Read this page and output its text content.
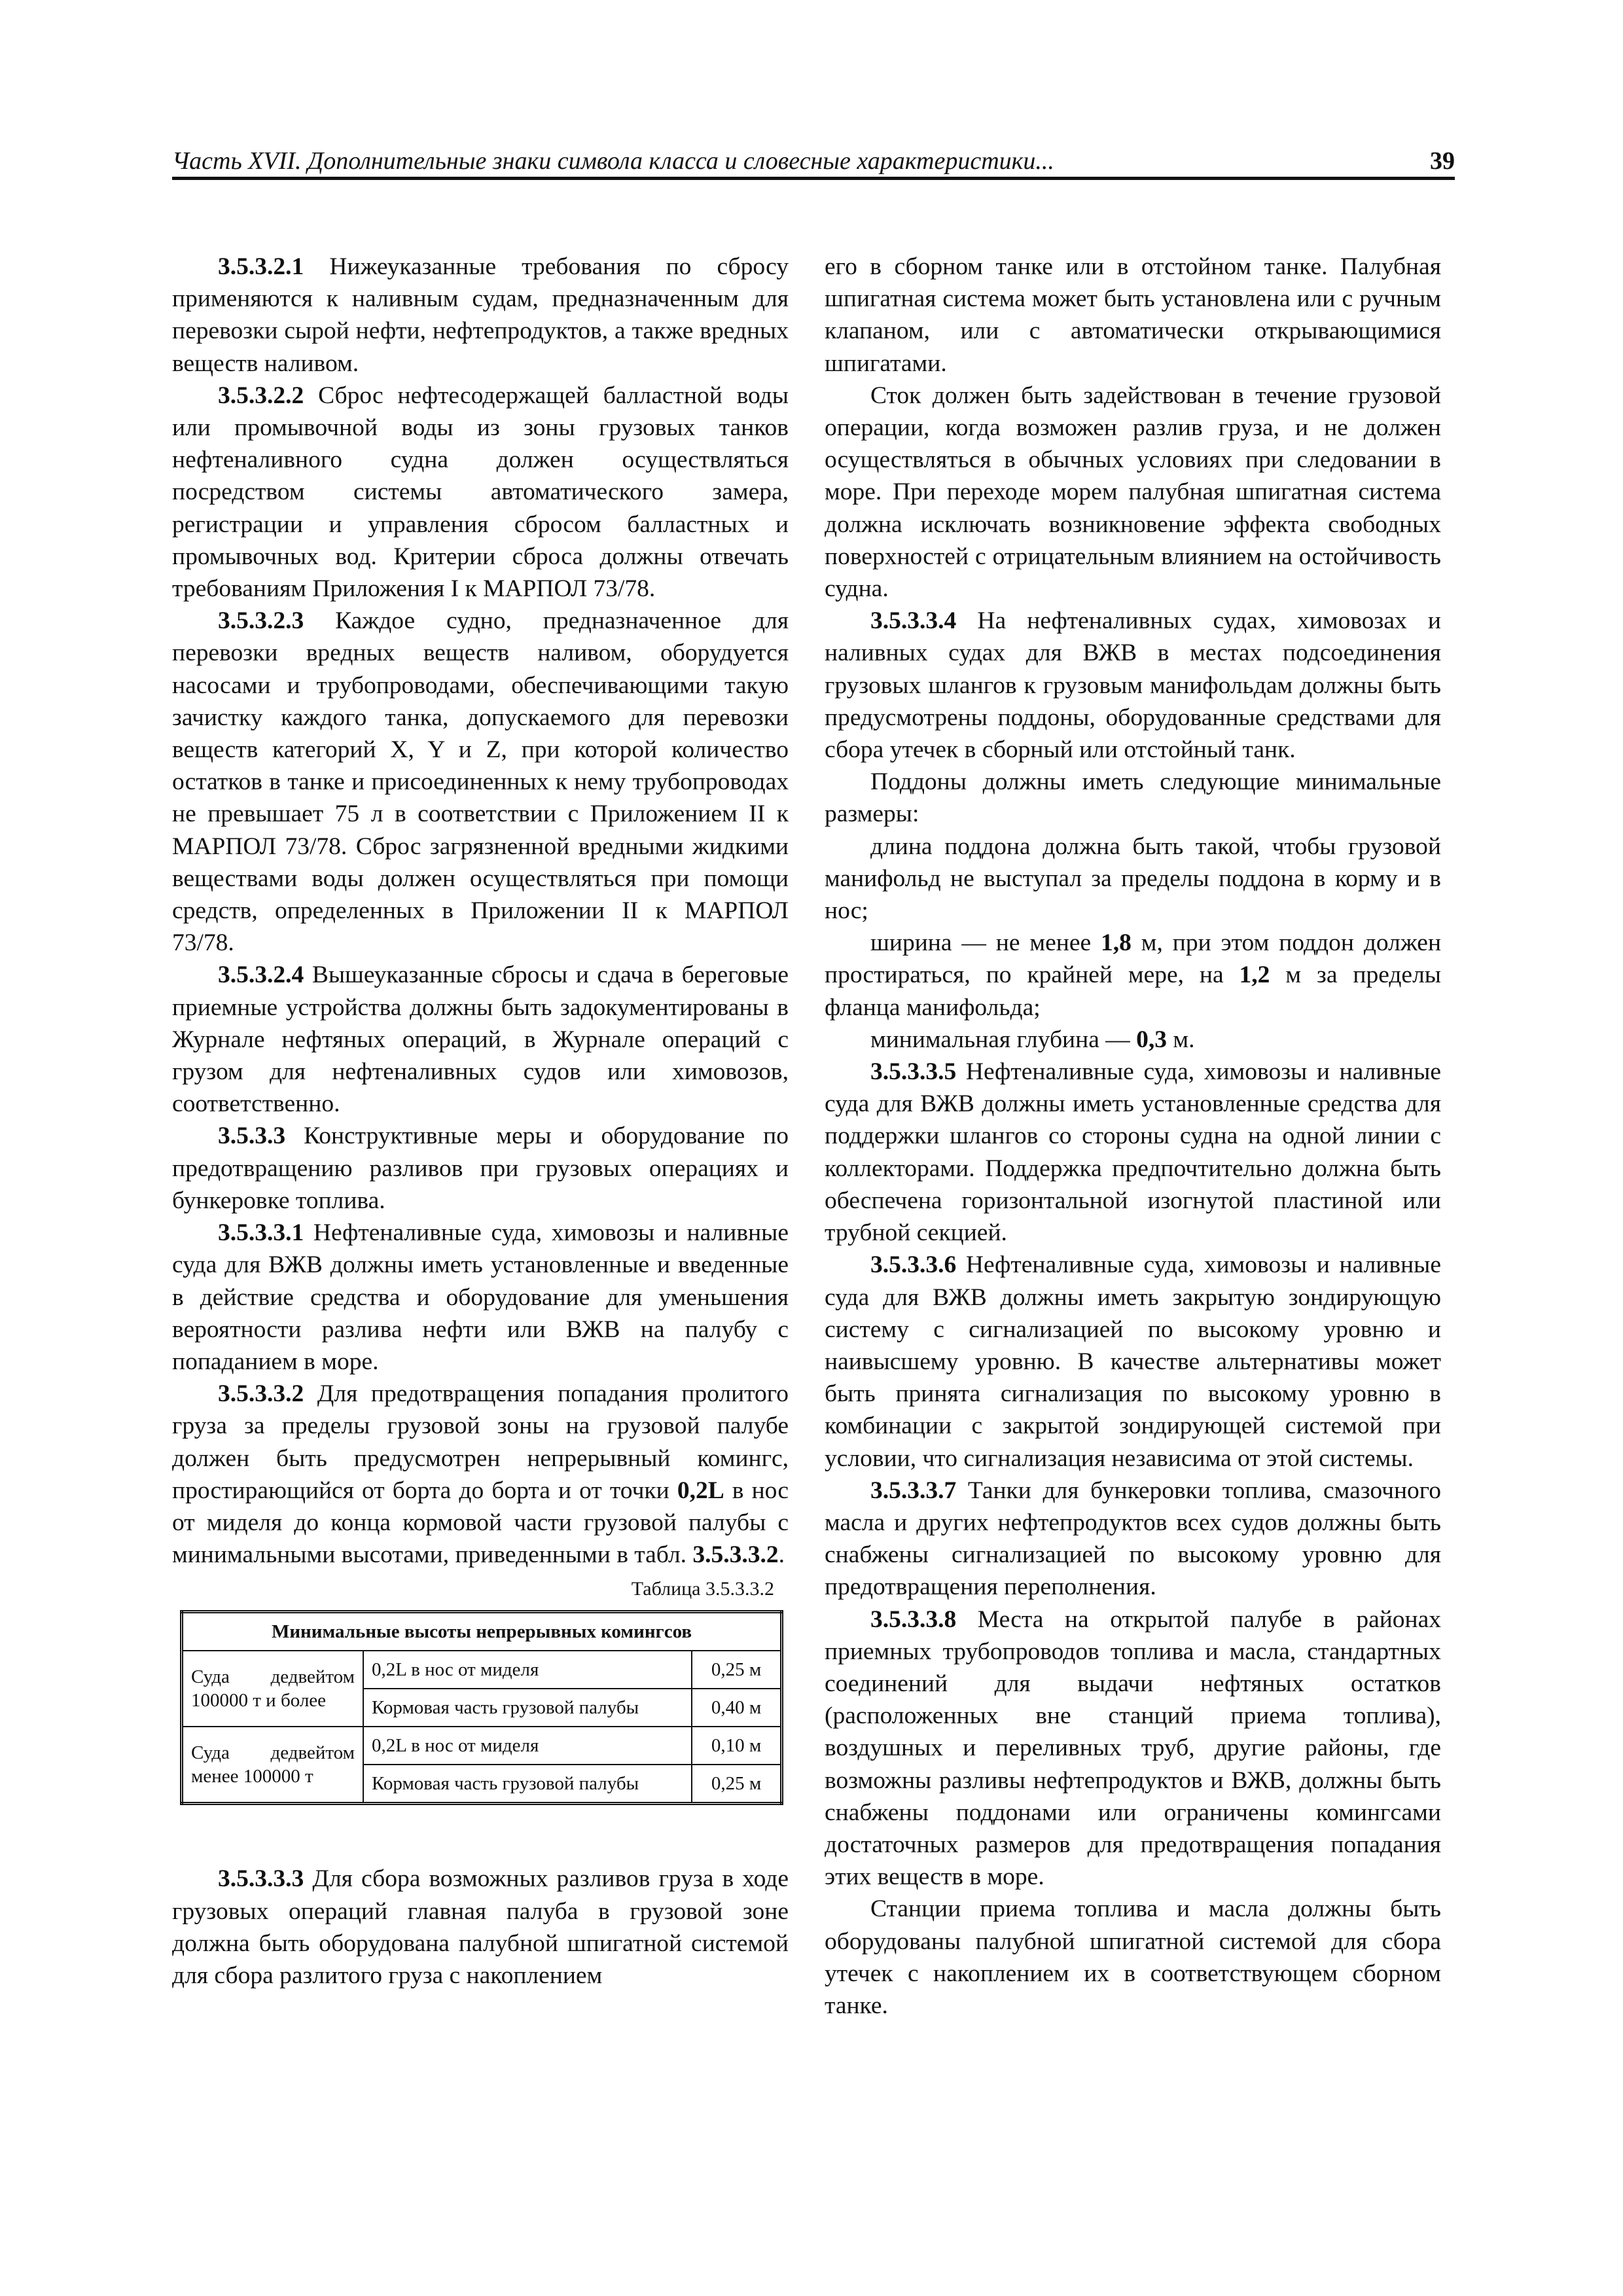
Часть XVII. Дополнительные знаки символа класса и словесные характеристики...	39

3.5.3.2.1 Нижеуказанные требования по сбросу применяются к наливным судам, предназначенным для перевозки сырой нефти, нефтепродуктов, а также вредных веществ наливом.

3.5.3.2.2 Сброс нефтесодержащей балластной воды или промывочной воды из зоны грузовых танков нефтеналивного судна должен осуществляться посредством системы автоматического замера, регистрации и управления сбросом балластных и промывочных вод. Критерии сброса должны отвечать требованиям Приложения I к МАРПОЛ 73/78.

3.5.3.2.3 Каждое судно, предназначенное для перевозки вредных веществ наливом, оборудуется насосами и трубопроводами, обеспечивающими такую зачистку каждого танка, допускаемого для перевозки веществ категорий X, Y и Z, при которой количество остатков в танке и присоединенных к нему трубопроводах не превышает 75 л в соответствии с Приложением II к МАРПОЛ 73/78. Сброс загрязненной вредными жидкими веществами воды должен осуществляться при помощи средств, определенных в Приложении II к МАРПОЛ 73/78.

3.5.3.2.4 Вышеуказанные сбросы и сдача в береговые приемные устройства должны быть задокументированы в Журнале нефтяных операций, в Журнале операций с грузом для нефтеналивных судов или химовозов, соответственно.

3.5.3.3 Конструктивные меры и оборудование по предотвращению разливов при грузовых операциях и бункеровке топлива.

3.5.3.3.1 Нефтеналивные суда, химовозы и наливные суда для ВЖВ должны иметь установленные и введенные в действие средства и оборудование для уменьшения вероятности разлива нефти или ВЖВ на палубу с попаданием в море.

3.5.3.3.2 Для предотвращения попадания пролитого груза за пределы грузовой зоны на грузовой палубе должен быть предусмотрен непрерывный комингс, простирающийся от борта до борта и от точки 0,2L в нос от миделя до конца кормовой части грузовой палубы с минимальными высотами, приведенными в табл. 3.5.3.3.2.

Таблица 3.5.3.3.2
Минимальные высоты непрерывных комингсов		
Суда дедвейтом 100000 т и более	0,2L в нос от миделя	0,25 м
	Кормовая часть грузовой палубы	0,40 м
Суда дедвейтом менее 100000 т	0,2L в нос от миделя	0,10 м
	Кормовая часть грузовой палубы	0,25 м

3.5.3.3.3 Для сбора возможных разливов груза в ходе грузовых операций главная палуба в грузовой зоне должна быть оборудована палубной шпигатной системой для сбора разлитого груза с накоплением

его в сборном танке или в отстойном танке. Палубная шпигатная система может быть установлена или с ручным клапаном, или с автоматически открывающимися шпигатами.

Сток должен быть задействован в течение грузовой операции, когда возможен разлив груза, и не должен осуществляться в обычных условиях при следовании в море. При переходе морем палубная шпигатная система должна исключать возникновение эффекта свободных поверхностей с отрицательным влиянием на остойчивость судна.

3.5.3.3.4 На нефтеналивных судах, химовозах и наливных судах для ВЖВ в местах подсоединения грузовых шлангов к грузовым манифольдам должны быть предусмотрены поддоны, оборудованные средствами для сбора утечек в сборный или отстойный танк.

Поддоны должны иметь следующие минимальные размеры:

длина поддона должна быть такой, чтобы грузовой манифольд не выступал за пределы поддона в корму и в нос;

ширина — не менее 1,8 м, при этом поддон должен простираться, по крайней мере, на 1,2 м за пределы фланца манифольда;

минимальная глубина — 0,3 м.

3.5.3.3.5 Нефтеналивные суда, химовозы и наливные суда для ВЖВ должны иметь установленные средства для поддержки шлангов со стороны судна на одной линии с коллекторами. Поддержка предпочтительно должна быть обеспечена горизонтальной изогнутой пластиной или трубной секцией.

3.5.3.3.6 Нефтеналивные суда, химовозы и наливные суда для ВЖВ должны иметь закрытую зондирующую систему с сигнализацией по высокому уровню и наивысшему уровню. В качестве альтернативы может быть принята сигнализация по высокому уровню в комбинации с закрытой зондирующей системой при условии, что сигнализация независима от этой системы.

3.5.3.3.7 Танки для бункеровки топлива, смазочного масла и других нефтепродуктов всех судов должны быть снабжены сигнализацией по высокому уровню для предотвращения переполнения.

3.5.3.3.8 Места на открытой палубе в районах приемных трубопроводов топлива и масла, стандартных соединений для выдачи нефтяных остатков (расположенных вне станций приема топлива), воздушных и переливных труб, другие районы, где возможны разливы нефтепродуктов и ВЖВ, должны быть снабжены поддонами или ограничены комингсами достаточных размеров для предотвращения попадания этих веществ в море.

Станции приема топлива и масла должны быть оборудованы палубной шпигатной системой для сбора утечек с накоплением их в соответствующем сборном танке.
